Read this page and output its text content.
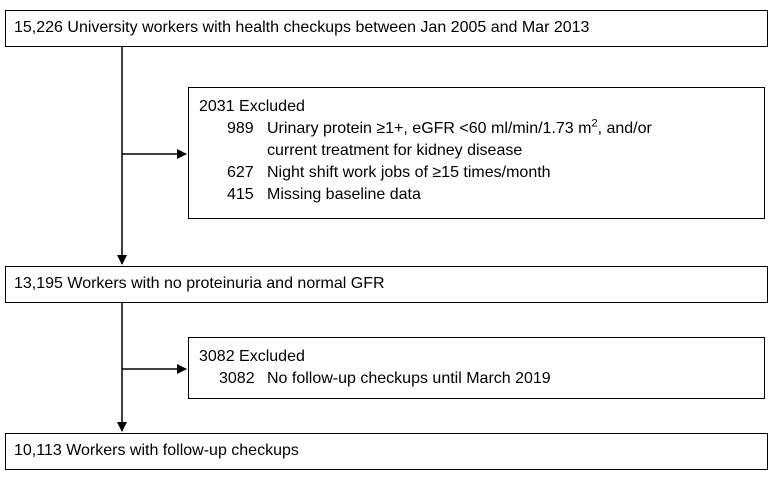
15,226 University workers with health checkups between Jan 2005 and Mar 2013
2031 Excluded
989 Urinary protein ≥1+, eGFR <60 ml/min/1.73 $m^2$, and/or
current treatment for kidney disease
627 Night shift work jobs of ≥15 times/month
415 Missing baseline data
13,195 Workers with no proteinuria and normal GFR
3082 Excluded
3082 No follow-up checkups until March 2019
10,113 Workers with follow-up checkups
